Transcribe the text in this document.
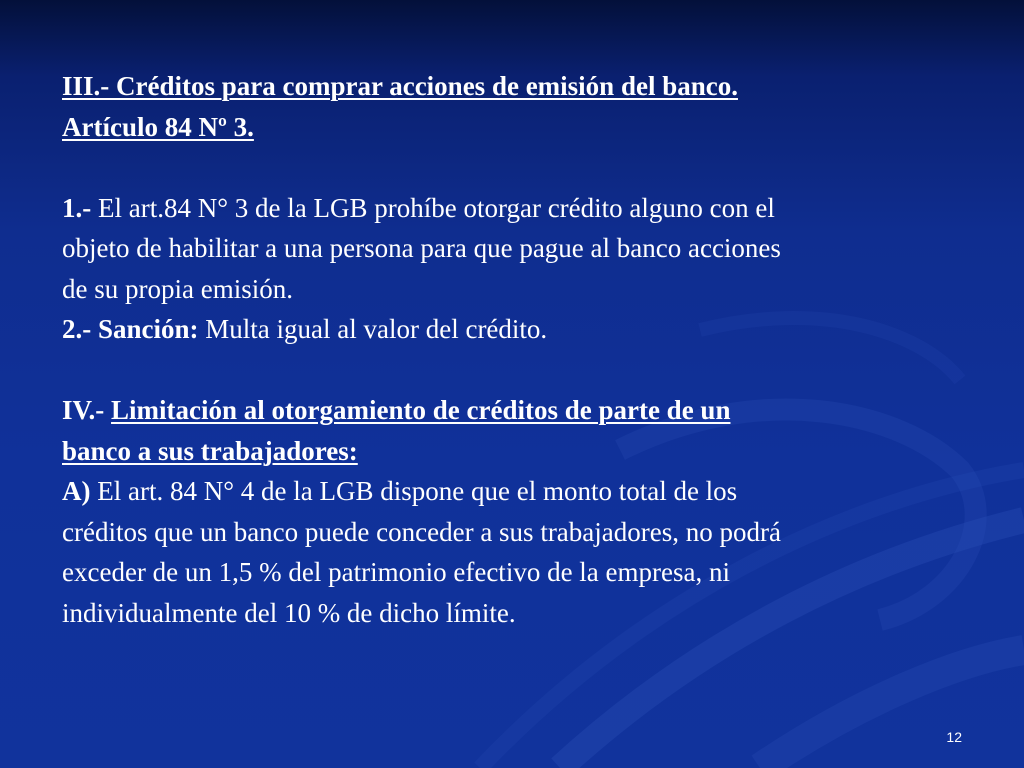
III.- Créditos para comprar acciones de emisión del banco.
Artículo 84 Nº 3.
1.- El art.84 N° 3 de la LGB prohíbe otorgar crédito alguno con el
objeto de habilitar a una persona para que pague al banco acciones
de su propia emisión.
2.- Sanción: Multa igual al valor del crédito.
IV.- Limitación al otorgamiento de créditos de parte de un
banco a sus trabajadores:
A) El art. 84 N° 4 de la LGB dispone que el monto total de los
créditos que un banco puede conceder a sus trabajadores, no podrá
exceder de un 1,5 % del patrimonio efectivo de la empresa, ni
individualmente del 10 % de dicho límite.
12
